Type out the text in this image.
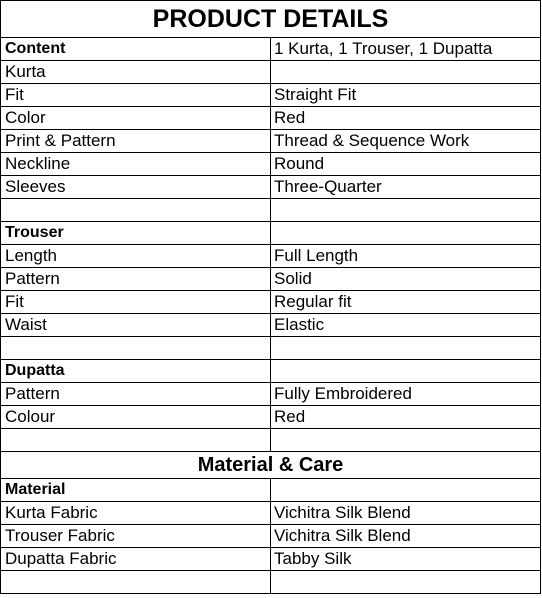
PRODUCT DETAILS	
Content	1 Kurta, 1 Trouser, 1 Dupatta
Kurta	
Fit	Straight Fit
Color	Red
Print & Pattern	Thread & Sequence Work
Neckline	Round
Sleeves	Three-Quarter

Trouser	
Length	Full Length
Pattern	Solid
Fit	Regular fit
Waist	Elastic

Dupatta	
Pattern	Fully Embroidered
Colour	Red

Material & Care	
Material	
Kurta Fabric	Vichitra Silk Blend
Trouser Fabric	Vichitra Silk Blend
Dupatta Fabric	Tabby Silk
